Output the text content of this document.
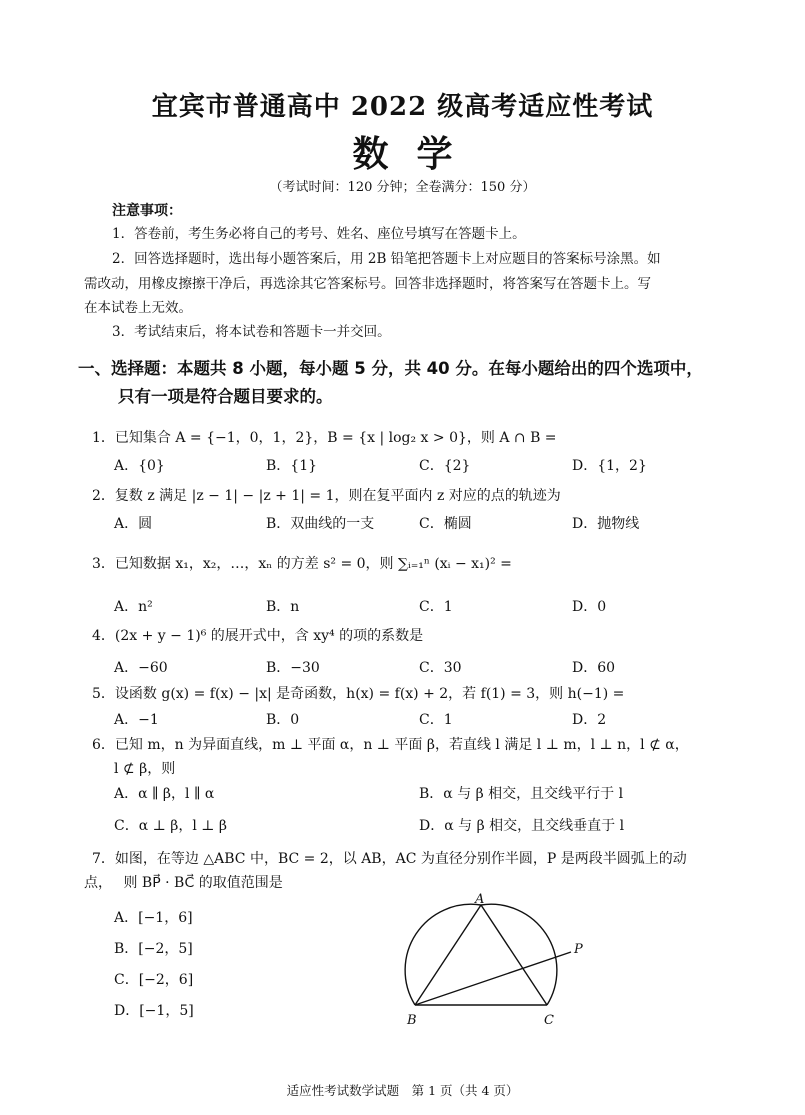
宜宾市普通高中 2022 级高考适应性考试
数学
（考试时间：120 分钟；全卷满分：150 分）
注意事项：
1．答卷前，考生务必将自己的考号、姓名、座位号填写在答题卡上。
2．回答选择题时，选出每小题答案后，用 2B 铅笔把答题卡上对应题目的答案标号涂黑。如
需改动，用橡皮擦擦干净后，再选涂其它答案标号。回答非选择题时，将答案写在答题卡上。写
在本试卷上无效。
3．考试结束后，将本试卷和答题卡一并交回。
一、选择题：本题共 8 小题，每小题 5 分，共 40 分。在每小题给出的四个选项中，
只有一项是符合题目要求的。
1．已知集合 A = {−1，0，1，2}，B = {x | log₂ x > 0}，则 A ∩ B =
A．{0}	B．{1}	C．{2}	D．{1，2}
2．复数 z 满足 |z − 1| − |z + 1| = 1，则在复平面内 z 对应的点的轨迹为
A．圆	B．双曲线的一支	C．椭圆	D．抛物线
3．已知数据 x₁，x₂，…，xₙ 的方差 s² = 0，则 ∑ᵢ₌₁ⁿ (xᵢ − x₁)² =
A．n²	B．n	C．1	D．0
4．(2x + y − 1)⁶ 的展开式中，含 xy⁴ 的项的系数是
A．−60	B．−30	C．30	D．60
5．设函数 g(x) = f(x) − |x| 是奇函数，h(x) = f(x) + 2，若 f(1) = 3，则 h(−1) =
A．−1	B．0	C．1	D．2
6．已知 m，n 为异面直线，m ⊥ 平面 α，n ⊥ 平面 β，若直线 l 满足 l ⊥ m，l ⊥ n，l ⊄ α，
l ⊄ β，则
A．α ∥ β，l ∥ α	B．α 与 β 相交，且交线平行于 l
C．α ⊥ β，l ⊥ β	D．α 与 β 相交，且交线垂直于 l
7．如图，在等边 △ABC 中，BC = 2，以 AB，AC 为直径分别作半圆，P 是两段半圆弧上的动
点，　 则 BP⃗ · BC⃗ 的取值范围是
A．[−1，6]
B．[−2，5]
C．[−2，6]
D．[−1，5]
A
B	C
P
适应性考试数学试题　第 1 页（共 4 页）
